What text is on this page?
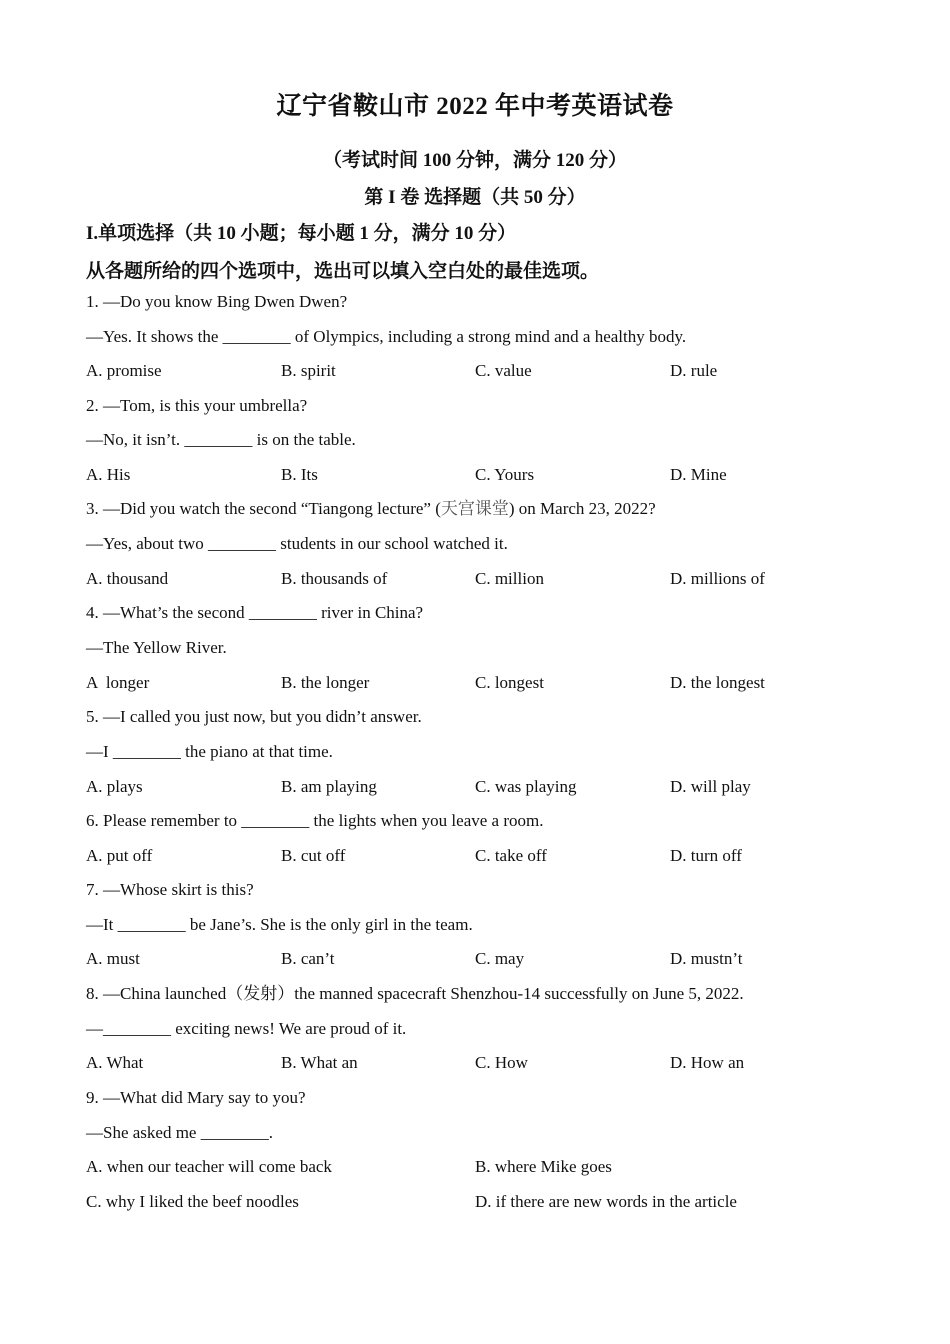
辽宁省鞍山市 2022 年中考英语试卷
（考试时间 100 分钟，满分 120 分）
第 I 卷 选择题（共 50 分）
I.单项选择（共 10 小题；每小题 1 分，满分 10 分）
从各题所给的四个选项中，选出可以填入空白处的最佳选项。
1. —Do you know Bing Dwen Dwen?
—Yes. It shows the ________ of Olympics, including a strong mind and a healthy body.
A. promise	B. spirit	C. value	D. rule
2. —Tom, is this your umbrella?
—No, it isn’t. ________ is on the table.
A. His	B. Its	C. Yours	D. Mine
3. —Did you watch the second “Tiangong lecture” (天宫课堂) on March 23, 2022?
—Yes, about two ________ students in our school watched it.
A. thousand	B. thousands of	C. million	D. millions of
4. —What’s the second ________ river in China?
—The Yellow River.
A  longer	B. the longer	C. longest	D. the longest
5. —I called you just now, but you didn’t answer.
—I ________ the piano at that time.
A. plays	B. am playing	C. was playing	D. will play
6. Please remember to ________ the lights when you leave a room.
A. put off	B. cut off	C. take off	D. turn off
7. —Whose skirt is this?
—It ________ be Jane’s. She is the only girl in the team.
A. must	B. can’t	C. may	D. mustn’t
8. —China launched（发射）the manned spacecraft Shenzhou-14 successfully on June 5, 2022.
—________ exciting news! We are proud of it.
A. What	B. What an	C. How	D. How an
9. —What did Mary say to you?
—She asked me ________.
A. when our teacher will come back	B. where Mike goes
C. why I liked the beef noodles	D. if there are new words in the article
